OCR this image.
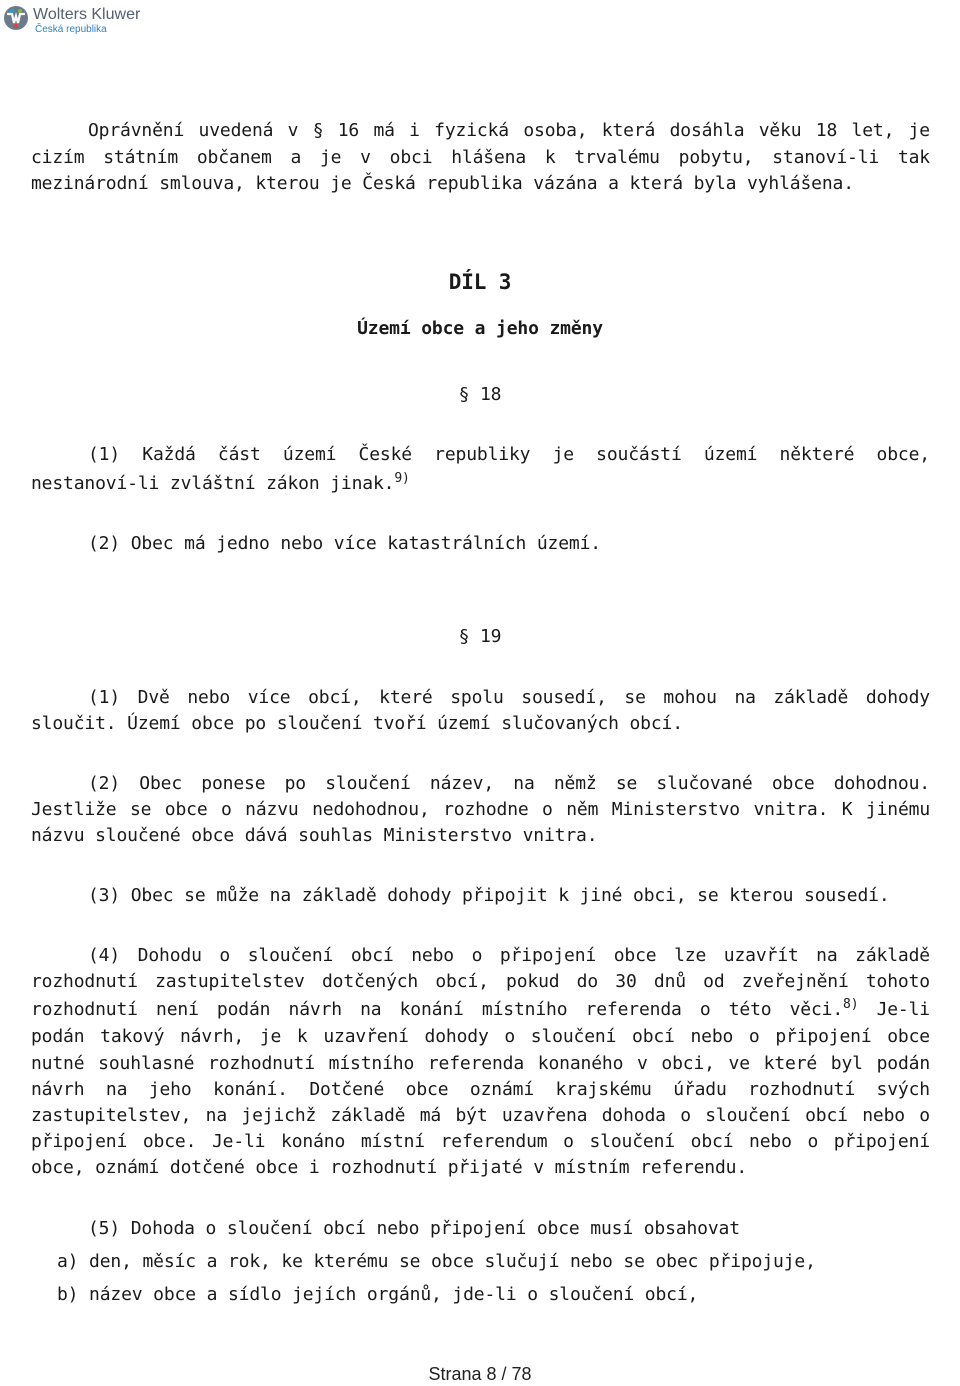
Wolters Kluwer
Česká republika

Oprávnění uvedená v § 16 má i fyzická osoba, která dosáhla věku 18 let, je

cizím státním občanem a je v obci hlášena k trvalému pobytu, stanoví-li tak

mezinárodní smlouva, kterou je Česká republika vázána a která byla vyhlášena.

DÍL 3

Území obce a jeho změny

§ 18

(1) Každá část území České republiky je součástí území některé obce,

nestanoví-li zvláštní zákon jinak.$^{9)}$

(2) Obec má jedno nebo více katastrálních území.

§ 19

(1) Dvě nebo více obcí, které spolu sousedí, se mohou na základě dohody

sloučit. Území obce po sloučení tvoří území slučovaných obcí.

(2) Obec ponese po sloučení název, na němž se slučované obce dohodnou.

Jestliže se obce o názvu nedohodnou, rozhodne o něm Ministerstvo vnitra. K jinému

názvu sloučené obce dává souhlas Ministerstvo vnitra.

(3) Obec se může na základě dohody připojit k jiné obci, se kterou sousedí.

(4) Dohodu o sloučení obcí nebo o připojení obce lze uzavřít na základě

rozhodnutí zastupitelstev dotčených obcí, pokud do 30 dnů od zveřejnění tohoto

rozhodnutí není podán návrh na konání místního referenda o této věci.$^{8)}$ Je-li

podán takový návrh, je k uzavření dohody o sloučení obcí nebo o připojení obce

nutné souhlasné rozhodnutí místního referenda konaného v obci, ve které byl podán

návrh na jeho konání. Dotčené obce oznámí krajskému úřadu rozhodnutí svých

zastupitelstev, na jejichž základě má být uzavřena dohoda o sloučení obcí nebo o

připojení obce. Je-li konáno místní referendum o sloučení obcí nebo o připojení

obce, oznámí dotčené obce i rozhodnutí přijaté v místním referendu.

(5) Dohoda o sloučení obcí nebo připojení obce musí obsahovat

a) den, měsíc a rok, ke kterému se obce slučují nebo se obec připojuje,

b) název obce a sídlo jejích orgánů, jde-li o sloučení obcí,

Strana 8 / 78
